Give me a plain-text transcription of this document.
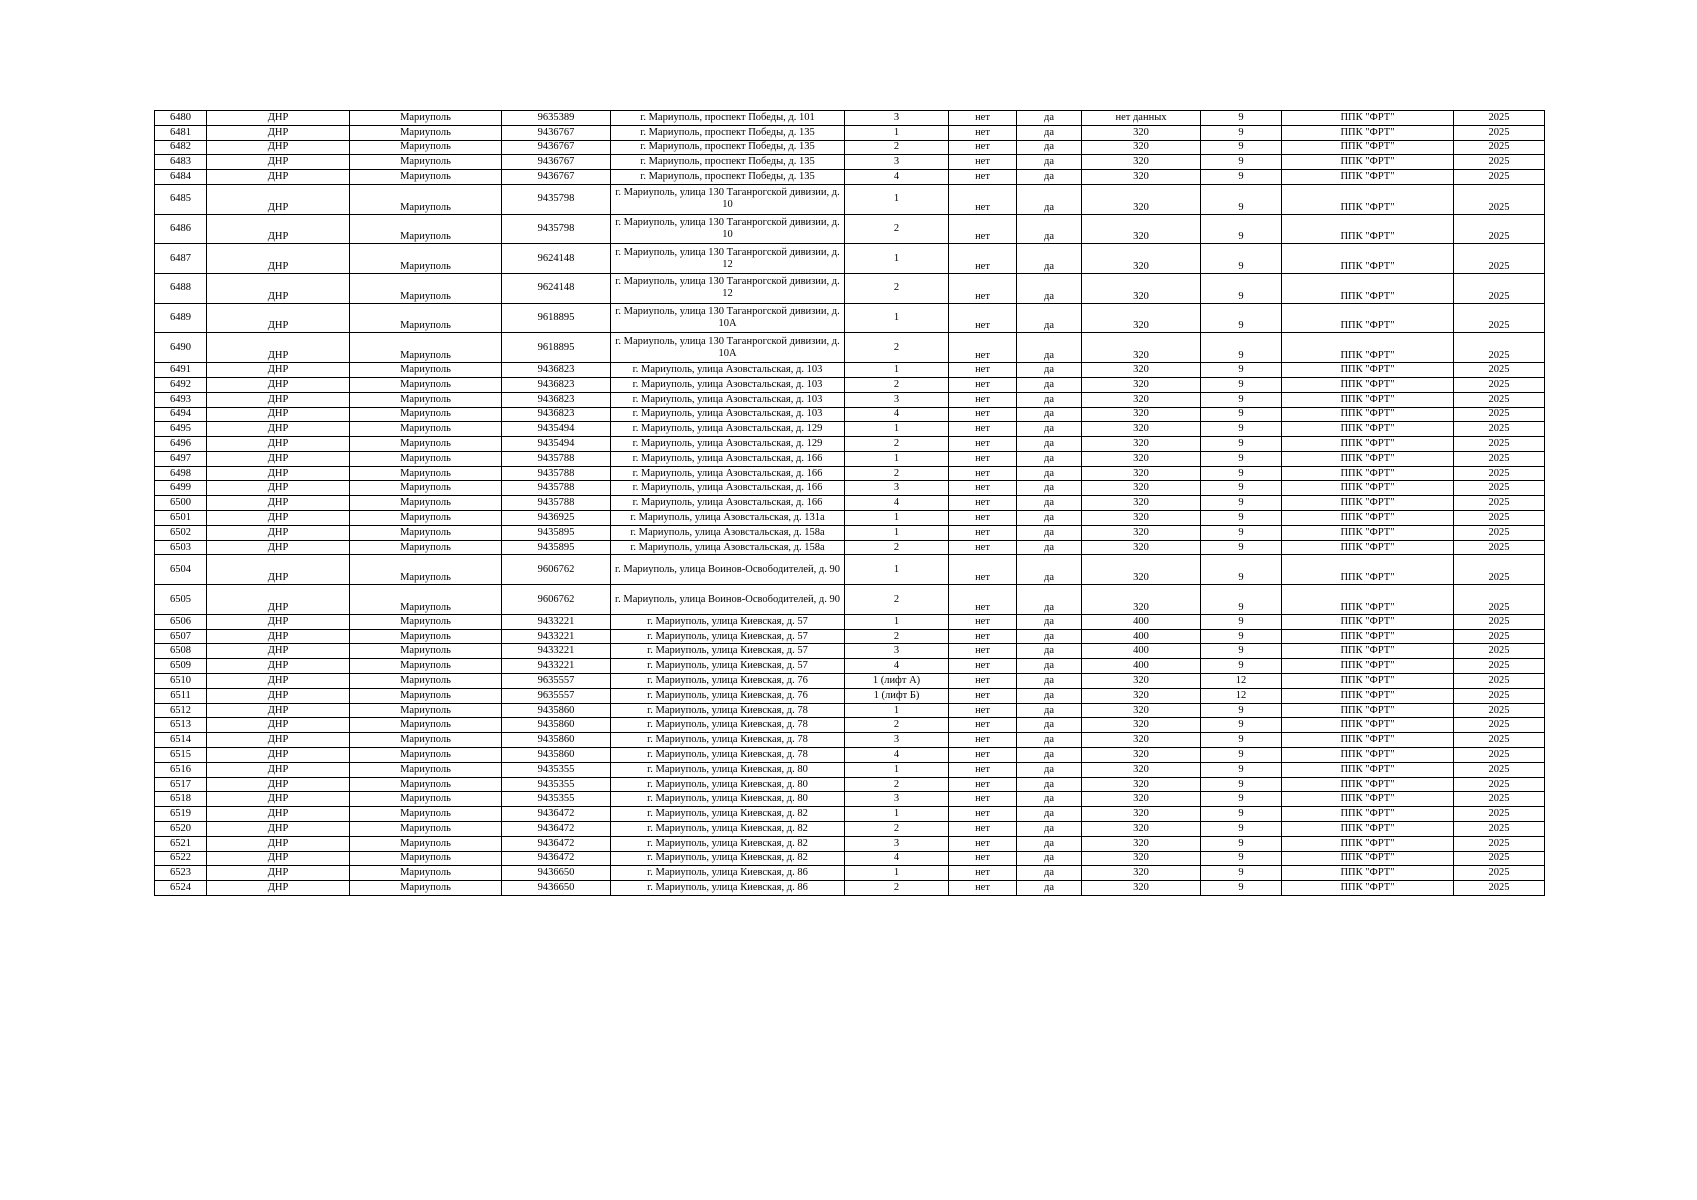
6480	ДНР	Мариуполь	9635389	г. Мариуполь, проспект Победы, д. 101	3	нет	да	нет данных	9	ППК "ФРТ"	2025
6481	ДНР	Мариуполь	9436767	г. Мариуполь, проспект Победы, д. 135	1	нет	да	320	9	ППК "ФРТ"	2025
6482	ДНР	Мариуполь	9436767	г. Мариуполь, проспект Победы, д. 135	2	нет	да	320	9	ППК "ФРТ"	2025
6483	ДНР	Мариуполь	9436767	г. Мариуполь, проспект Победы, д. 135	3	нет	да	320	9	ППК "ФРТ"	2025
6484	ДНР	Мариуполь	9436767	г. Мариуполь, проспект Победы, д. 135	4	нет	да	320	9	ППК "ФРТ"	2025
6485	ДНР	Мариуполь	9435798	г. Мариуполь, улица 130 Таганрогской дивизии, д. 10	1	нет	да	320	9	ППК "ФРТ"	2025
6486	ДНР	Мариуполь	9435798	г. Мариуполь, улица 130 Таганрогской дивизии, д. 10	2	нет	да	320	9	ППК "ФРТ"	2025
6487	ДНР	Мариуполь	9624148	г. Мариуполь, улица 130 Таганрогской дивизии, д. 12	1	нет	да	320	9	ППК "ФРТ"	2025
6488	ДНР	Мариуполь	9624148	г. Мариуполь, улица 130 Таганрогской дивизии, д. 12	2	нет	да	320	9	ППК "ФРТ"	2025
6489	ДНР	Мариуполь	9618895	г. Мариуполь, улица 130 Таганрогской дивизии, д. 10А	1	нет	да	320	9	ППК "ФРТ"	2025
6490	ДНР	Мариуполь	9618895	г. Мариуполь, улица 130 Таганрогской дивизии, д. 10А	2	нет	да	320	9	ППК "ФРТ"	2025
6491	ДНР	Мариуполь	9436823	г. Мариуполь, улица Азовстальская, д. 103	1	нет	да	320	9	ППК "ФРТ"	2025
6492	ДНР	Мариуполь	9436823	г. Мариуполь, улица Азовстальская, д. 103	2	нет	да	320	9	ППК "ФРТ"	2025
6493	ДНР	Мариуполь	9436823	г. Мариуполь, улица Азовстальская, д. 103	3	нет	да	320	9	ППК "ФРТ"	2025
6494	ДНР	Мариуполь	9436823	г. Мариуполь, улица Азовстальская, д. 103	4	нет	да	320	9	ППК "ФРТ"	2025
6495	ДНР	Мариуполь	9435494	г. Мариуполь, улица Азовстальская, д. 129	1	нет	да	320	9	ППК "ФРТ"	2025
6496	ДНР	Мариуполь	9435494	г. Мариуполь, улица Азовстальская, д. 129	2	нет	да	320	9	ППК "ФРТ"	2025
6497	ДНР	Мариуполь	9435788	г. Мариуполь, улица Азовстальская, д. 166	1	нет	да	320	9	ППК "ФРТ"	2025
6498	ДНР	Мариуполь	9435788	г. Мариуполь, улица Азовстальская, д. 166	2	нет	да	320	9	ППК "ФРТ"	2025
6499	ДНР	Мариуполь	9435788	г. Мариуполь, улица Азовстальская, д. 166	3	нет	да	320	9	ППК "ФРТ"	2025
6500	ДНР	Мариуполь	9435788	г. Мариуполь, улица Азовстальская, д. 166	4	нет	да	320	9	ППК "ФРТ"	2025
6501	ДНР	Мариуполь	9436925	г. Мариуполь, улица Азовстальская, д. 131а	1	нет	да	320	9	ППК "ФРТ"	2025
6502	ДНР	Мариуполь	9435895	г. Мариуполь, улица Азовстальская, д. 158а	1	нет	да	320	9	ППК "ФРТ"	2025
6503	ДНР	Мариуполь	9435895	г. Мариуполь, улица Азовстальская, д. 158а	2	нет	да	320	9	ППК "ФРТ"	2025
6504	ДНР	Мариуполь	9606762	г. Мариуполь, улица Воинов-Освободителей, д. 90	1	нет	да	320	9	ППК "ФРТ"	2025
6505	ДНР	Мариуполь	9606762	г. Мариуполь, улица Воинов-Освободителей, д. 90	2	нет	да	320	9	ППК "ФРТ"	2025
6506	ДНР	Мариуполь	9433221	г. Мариуполь, улица Киевская, д. 57	1	нет	да	400	9	ППК "ФРТ"	2025
6507	ДНР	Мариуполь	9433221	г. Мариуполь, улица Киевская, д. 57	2	нет	да	400	9	ППК "ФРТ"	2025
6508	ДНР	Мариуполь	9433221	г. Мариуполь, улица Киевская, д. 57	3	нет	да	400	9	ППК "ФРТ"	2025
6509	ДНР	Мариуполь	9433221	г. Мариуполь, улица Киевская, д. 57	4	нет	да	400	9	ППК "ФРТ"	2025
6510	ДНР	Мариуполь	9635557	г. Мариуполь, улица Киевская, д. 76	1 (лифт А)	нет	да	320	12	ППК "ФРТ"	2025
6511	ДНР	Мариуполь	9635557	г. Мариуполь, улица Киевская, д. 76	1 (лифт Б)	нет	да	320	12	ППК "ФРТ"	2025
6512	ДНР	Мариуполь	9435860	г. Мариуполь, улица Киевская, д. 78	1	нет	да	320	9	ППК "ФРТ"	2025
6513	ДНР	Мариуполь	9435860	г. Мариуполь, улица Киевская, д. 78	2	нет	да	320	9	ППК "ФРТ"	2025
6514	ДНР	Мариуполь	9435860	г. Мариуполь, улица Киевская, д. 78	3	нет	да	320	9	ППК "ФРТ"	2025
6515	ДНР	Мариуполь	9435860	г. Мариуполь, улица Киевская, д. 78	4	нет	да	320	9	ППК "ФРТ"	2025
6516	ДНР	Мариуполь	9435355	г. Мариуполь, улица Киевская, д. 80	1	нет	да	320	9	ППК "ФРТ"	2025
6517	ДНР	Мариуполь	9435355	г. Мариуполь, улица Киевская, д. 80	2	нет	да	320	9	ППК "ФРТ"	2025
6518	ДНР	Мариуполь	9435355	г. Мариуполь, улица Киевская, д. 80	3	нет	да	320	9	ППК "ФРТ"	2025
6519	ДНР	Мариуполь	9436472	г. Мариуполь, улица Киевская, д. 82	1	нет	да	320	9	ППК "ФРТ"	2025
6520	ДНР	Мариуполь	9436472	г. Мариуполь, улица Киевская, д. 82	2	нет	да	320	9	ППК "ФРТ"	2025
6521	ДНР	Мариуполь	9436472	г. Мариуполь, улица Киевская, д. 82	3	нет	да	320	9	ППК "ФРТ"	2025
6522	ДНР	Мариуполь	9436472	г. Мариуполь, улица Киевская, д. 82	4	нет	да	320	9	ППК "ФРТ"	2025
6523	ДНР	Мариуполь	9436650	г. Мариуполь, улица Киевская, д. 86	1	нет	да	320	9	ППК "ФРТ"	2025
6524	ДНР	Мариуполь	9436650	г. Мариуполь, улица Киевская, д. 86	2	нет	да	320	9	ППК "ФРТ"	2025
